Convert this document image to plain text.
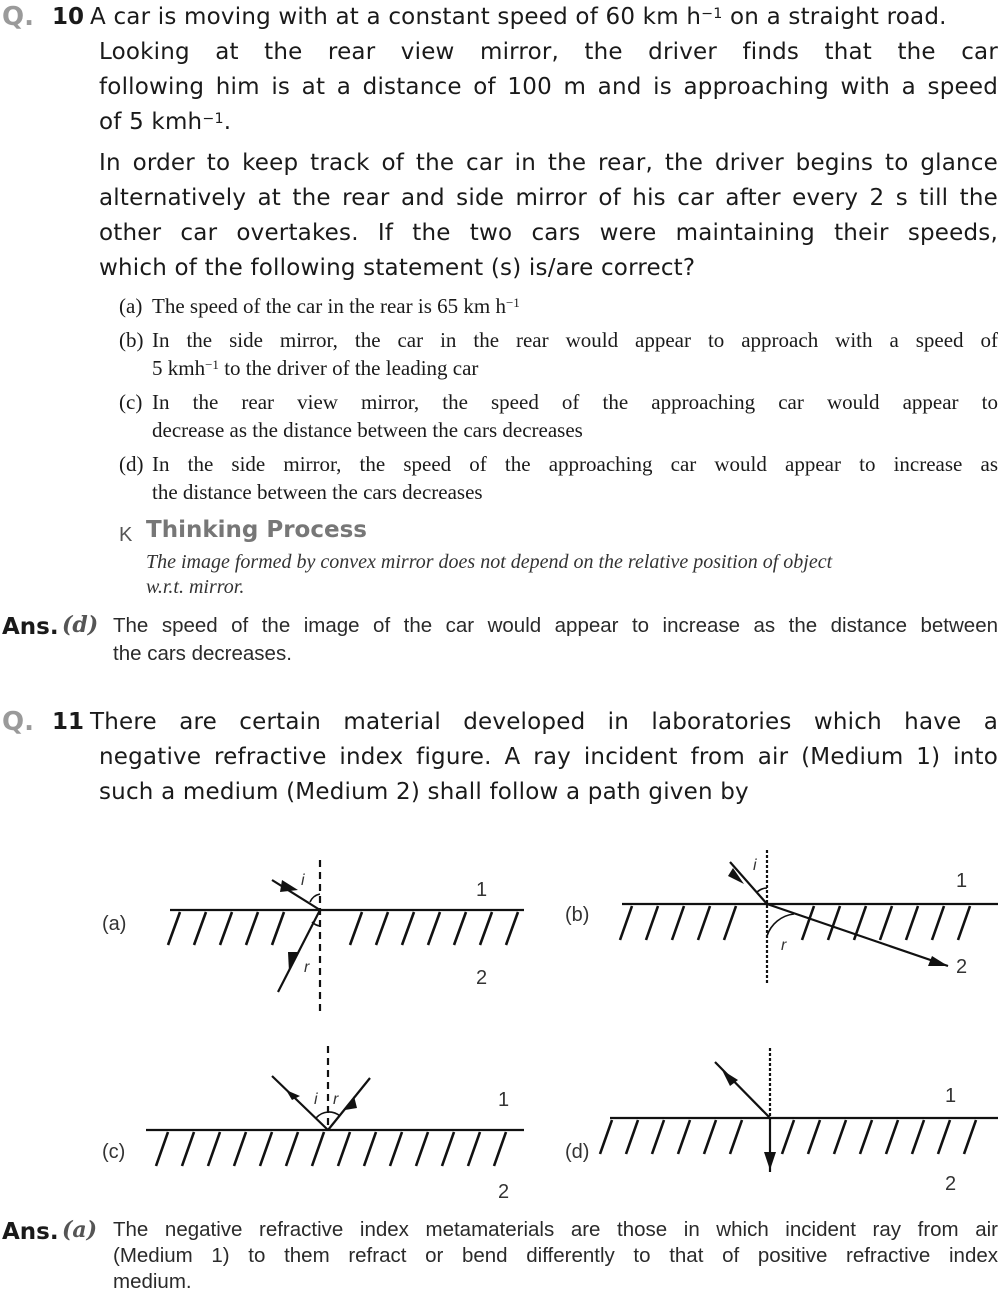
Q. 10 A car is moving with at a constant speed of 60 km $h^{-1}$ on a straight road.
Looking at the rear view mirror, the driver finds that the car
following him is at a distance of 100 m and is approaching with a speed
of 5 kmh$^{-1}$.
In order to keep track of the car in the rear, the driver begins to glance
alternatively at the rear and side mirror of his car after every 2 s till the
other car overtakes. If the two cars were maintaining their speeds,
which of the following statement (s) is/are correct?
(a) The speed of the car in the rear is 65 km $h^{-1}$
(b) In the side mirror, the car in the rear would appear to approach with a speed of
5 kmh$^{-1}$ to the driver of the leading car
(c) In the rear view mirror, the speed of the approaching car would appear to
decrease as the distance between the cars decreases
(d) In the side mirror, the speed of the approaching car would appear to increase as
the distance between the cars decreases
K Thinking Process
The image formed by convex mirror does not depend on the relative position of object
w.r.t. mirror.
Ans. (d) The speed of the image of the car would appear to increase as the distance between
the cars decreases.
Q. 11 There are certain material developed in laboratories which have a
negative refractive index figure. A ray incident from air (Medium 1) into
such a medium (Medium 2) shall follow a path given by
(a)
1
2
i
r
(b)
1
2
i
r
(c)
1
2
i r
(d)
1
2
Ans. (a) The negative refractive index metamaterials are those in which incident ray from air
(Medium 1) to them refract or bend differently to that of positive refractive index
medium.
